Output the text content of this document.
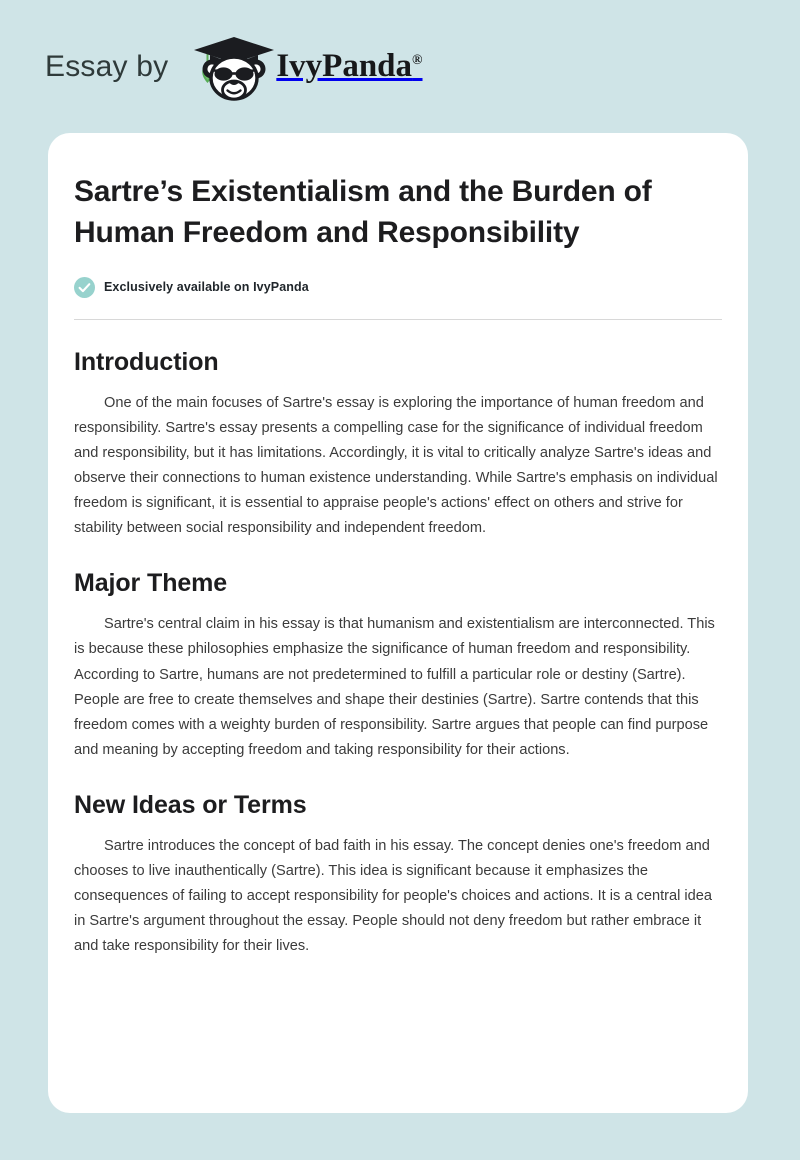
Essay by	IvyPanda®
Sartre’s Existentialism and the Burden of Human Freedom and Responsibility
Exclusively available on IvyPanda
Introduction

One of the main focuses of Sartre's essay is exploring the importance of human freedom and responsibility. Sartre's essay presents a compelling case for the significance of individual freedom and responsibility, but it has limitations. Accordingly, it is vital to critically analyze Sartre's ideas and observe their connections to human existence understanding. While Sartre's emphasis on individual freedom is significant, it is essential to appraise people's actions' effect on others and strive for stability between social responsibility and independent freedom.

Major Theme

Sartre's central claim in his essay is that humanism and existentialism are interconnected. This is because these philosophies emphasize the significance of human freedom and responsibility. According to Sartre, humans are not predetermined to fulfill a particular role or destiny (Sartre). People are free to create themselves and shape their destinies (Sartre). Sartre contends that this freedom comes with a weighty burden of responsibility. Sartre argues that people can find purpose and meaning by accepting freedom and taking responsibility for their actions.

New Ideas or Terms

Sartre introduces the concept of bad faith in his essay. The concept denies one's freedom and chooses to live inauthentically (Sartre). This idea is significant because it emphasizes the consequences of failing to accept responsibility for people's choices and actions. It is a central idea in Sartre's argument throughout the essay. People should not deny freedom but rather embrace it and take responsibility for their lives.
